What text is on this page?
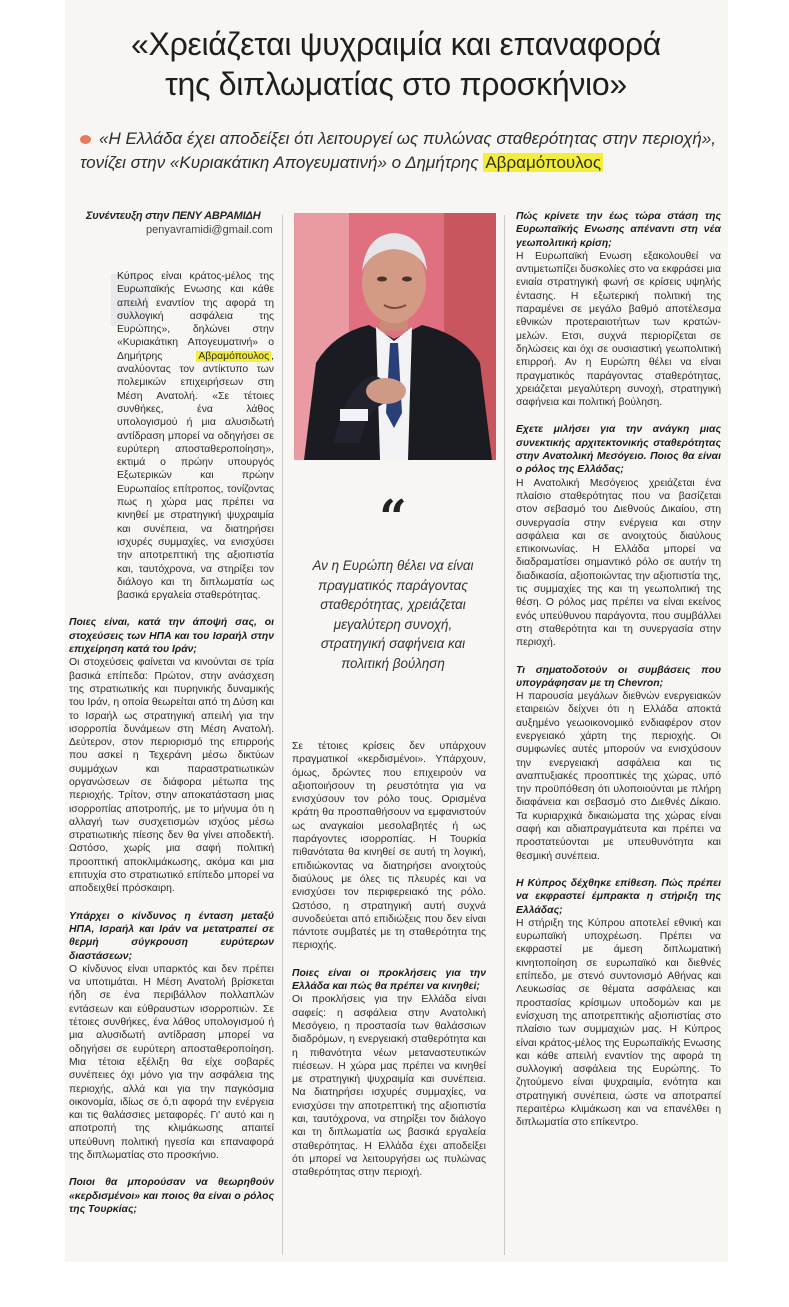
«Χρειάζεται ψυχραιμία και επαναφορά
της διπλωματίας στο προσκήνιο»
«Η Ελλάδα έχει αποδείξει ότι λειτουργεί ως πυλώνας σταθερότητας στην περιοχή», τονίζει στην «Κυριακάτικη Απογευματινή» ο Δημήτρης Αβραμόπουλος
Συνέντευξη στην ΠΕΝΥ ΑΒΡΑΜΙΔΗ
penyavramidi@gmail.com

Κύπρος είναι κράτος-μέλος της Ευρωπαϊκής Ενωσης και κάθε απειλή εναντίον της αφορά τη συλλογική ασφάλεια της Ευρώπης», δηλώνει στην «Κυριακάτικη Απογευματινή» ο Δημήτρης	Αβραμόπουλος , αναλύοντας τον αντίκτυπο των πολεμικών επιχειρήσεων στη Μέση Ανατολή. «Σε τέτοιες συνθήκες, ένα λάθος υπολογισμού ή μια αλυσιδωτή αντίδραση μπορεί να οδηγήσει σε ευρύτερη αποσταθεροποίηση», εκτιμά ο πρώην υπουργός Εξωτερικών και πρώην Ευρωπαίος επίτροπος, τονίζοντας πως η χώρα μας πρέπει να κινηθεί με στρατηγική ψυχραιμία και συνέπεια, να διατηρήσει ισχυρές συμμαχίες, να ενισχύσει την αποτρεπτική της αξιοπιστία και, ταυτόχρονα, να στηρίξει τον διάλογο και τη διπλωματία ως βασικά εργαλεία σταθερότητας.

Ποιες είναι, κατά την άποψή σας, οι στοχεύσεις των ΗΠΑ και του Ισραήλ στην επιχείρηση κατά του Ιράν;

Οι στοχεύσεις φαίνεται να κινούνται σε τρία βασικά επίπεδα: Πρώτον, στην ανάσχεση της στρατιωτικής και πυρηνικής δυναμικής του Ιράν, η οποία θεωρείται από τη Δύση και το Ισραήλ ως στρατηγική απειλή για την ισορροπία δυνάμεων στη Μέση Ανατολή. Δεύτερον, στον περιορισμό της επιρροής που ασκεί η Τεχεράνη μέσω δικτύων συμμάχων και παραστρατιωτικών οργανώσεων σε διάφορα μέτωπα της περιοχής. Τρίτον, στην αποκατάσταση μιας ισορροπίας αποτροπής, με το μήνυμα ότι η αλλαγή των συσχετισμών ισχύος μέσω στρατιωτικής πίεσης δεν θα γίνει αποδεκτή. Ωστόσο, χωρίς μια σαφή πολιτική προοπτική αποκλιμάκωσης, ακόμα και μια επιτυχία στο στρατιωτικό επίπεδο μπορεί να αποδειχθεί πρόσκαιρη.

Υπάρχει ο κίνδυνος η ένταση μεταξύ ΗΠΑ, Ισραήλ και Ιράν να μετατραπεί σε θερμή σύγκρουση ευρύτερων διαστάσεων;

Ο κίνδυνος είναι υπαρκτός και δεν πρέπει να υποτιμάται. Η Μέση Ανατολή βρίσκεται ήδη σε ένα περιβάλλον πολλαπλών εντάσεων και εύθραυστων ισορροπιών. Σε τέτοιες συνθήκες, ένα λάθος υπολογισμού ή μια αλυσιδωτή αντίδραση μπορεί να οδηγήσει σε ευρύτερη αποσταθεροποίηση. Μια τέτοια εξέλιξη θα είχε σοβαρές συνέπειες όχι μόνο για την ασφάλεια της περιοχής, αλλά και για την παγκόσμια οικονομία, ιδίως σε ό,τι αφορά την ενέργεια και τις θαλάσσιες μεταφορές. Γι' αυτό και η αποτροπή της κλιμάκωσης απαιτεί υπεύθυνη πολιτική ηγεσία και επαναφορά της διπλωματίας στο προσκήνιο.

Ποιοι θα μπορούσαν να θεωρηθούν «κερδισμένοι» και ποιος θα είναι ο ρόλος της Τουρκίας;

“
Αν η Ευρώπη θέλει να είναι πραγματικός παράγοντας σταθερότητας, χρειάζεται μεγαλύτερη συνοχή, στρατηγική σαφήνεια και πολιτική βούληση

Σε τέτοιες κρίσεις δεν υπάρχουν πραγματικοί «κερδισμένοι». Υπάρχουν, όμως, δρώντες που επιχειρούν να αξιοποιήσουν τη ρευστότητα για να ενισχύσουν τον ρόλο τους. Ορισμένα κράτη θα προσπαθήσουν να εμφανιστούν ως αναγκαίοι μεσολαβητές ή ως παράγοντες ισορροπίας. Η Τουρκία πιθανότατα θα κινηθεί σε αυτή τη λογική, επιδιώκοντας να διατηρήσει ανοιχτούς διαύλους με όλες τις πλευρές και να ενισχύσει τον περιφερειακό της ρόλο. Ωστόσο, η στρατηγική αυτή συχνά συνοδεύεται από επιδιώξεις που δεν είναι πάντοτε συμβατές με τη σταθερότητα της περιοχής.

Ποιες είναι οι προκλήσεις για την Ελλάδα και πώς θα πρέπει να κινηθεί;

Οι προκλήσεις για την Ελλάδα είναι σαφείς: η ασφάλεια στην Ανατολική Μεσόγειο, η προστασία των θαλάσσιων διαδρόμων, η ενεργειακή σταθερότητα και η πιθανότητα νέων μεταναστευτικών πιέσεων. Η χώρα μας πρέπει να κινηθεί με στρατηγική ψυχραιμία και συνέπεια. Να διατηρήσει ισχυρές συμμαχίες, να ενισχύσει την αποτρεπτική της αξιοπιστία και, ταυτόχρονα, να στηρίξει τον διάλογο και τη διπλωματία ως βασικά εργαλεία σταθερότητας. Η Ελλάδα έχει αποδείξει ότι μπορεί να λειτουργήσει ως πυλώνας σταθερότητας στην περιοχή.

Πώς κρίνετε την έως τώρα στάση της Ευρωπαϊκής Ενωσης απέναντι στη νέα γεωπολιτική κρίση;

Η Ευρωπαϊκή Ενωση εξακολουθεί να αντιμετωπίζει δυσκολίες στο να εκφράσει μια ενιαία στρατηγική φωνή σε κρίσεις υψηλής έντασης. Η εξωτερική πολιτική της παραμένει σε μεγάλο βαθμό αποτέλεσμα εθνικών προτεραιοτήτων των κρατών-μελών. Ετσι, συχνά περιορίζεται σε δηλώσεις και όχι σε ουσιαστική γεωπολιτική επιρροή. Αν η Ευρώπη θέλει να είναι πραγματικός παράγοντας σταθερότητας, χρειάζεται μεγαλύτερη συνοχή, στρατηγική σαφήνεια και πολιτική βούληση.

Εχετε μιλήσει για την ανάγκη μιας συνεκτικής αρχιτεκτονικής σταθερότητας στην Ανατολική Μεσόγειο. Ποιος θα είναι ο ρόλος της Ελλάδας;

Η Ανατολική Μεσόγειος χρειάζεται ένα πλαίσιο σταθερότητας που να βασίζεται στον σεβασμό του Διεθνούς Δικαίου, στη συνεργασία στην ενέργεια και στην ασφάλεια και σε ανοιχτούς διαύλους επικοινωνίας. Η Ελλάδα μπορεί να διαδραματίσει σημαντικό ρόλο σε αυτήν τη διαδικασία, αξιοποιώντας την αξιοπιστία της, τις συμμαχίες της και τη γεωπολιτική της θέση. Ο ρόλος μας πρέπει να είναι εκείνος ενός υπεύθυνου παράγοντα, που συμβάλλει στη σταθερότητα και τη συνεργασία στην περιοχή.

Τι σηματοδοτούν οι συμβάσεις που υπογράφησαν με τη Chevron;

Η παρουσία μεγάλων διεθνών ενεργειακών εταιρειών δείχνει ότι η Ελλάδα αποκτά αυξημένο γεωοικονομικό ενδιαφέρον στον ενεργειακό χάρτη της περιοχής. Οι συμφωνίες αυτές μπορούν να ενισχύσουν την ενεργειακή ασφάλεια και τις αναπτυξιακές προοπτικές της χώρας, υπό την προϋπόθεση ότι υλοποιούνται με πλήρη διαφάνεια και σεβασμό στο Διεθνές Δίκαιο. Τα κυριαρχικά δικαιώματα της χώρας είναι σαφή και αδιαπραγμάτευτα και πρέπει να προστατεύονται με υπευθυνότητα και θεσμική συνέπεια.

Η Κύπρος δέχθηκε επίθεση. Πώς πρέπει να εκφραστεί έμπρακτα η στήριξη της Ελλάδας;

Η στήριξη της Κύπρου αποτελεί εθνική και ευρωπαϊκή υποχρέωση. Πρέπει να εκφραστεί με άμεση διπλωματική κινητοποίηση σε ευρωπαϊκό και διεθνές επίπεδο, με στενό συντονισμό Αθήνας και Λευκωσίας σε θέματα ασφάλειας και προστασίας κρίσιμων υποδομών και με ενίσχυση της αποτρεπτικής αξιοπιστίας στο πλαίσιο των συμμαχιών μας. Η Κύπρος είναι κράτος-μέλος της Ευρωπαϊκής Ενωσης και κάθε απειλή εναντίον της αφορά τη συλλογική ασφάλεια της Ευρώπης. Το ζητούμενο είναι ψυχραιμία, ενότητα και στρατηγική συνέπεια, ώστε να αποτραπεί περαιτέρω κλιμάκωση και να επανέλθει η διπλωματία στο επίκεντρο.
